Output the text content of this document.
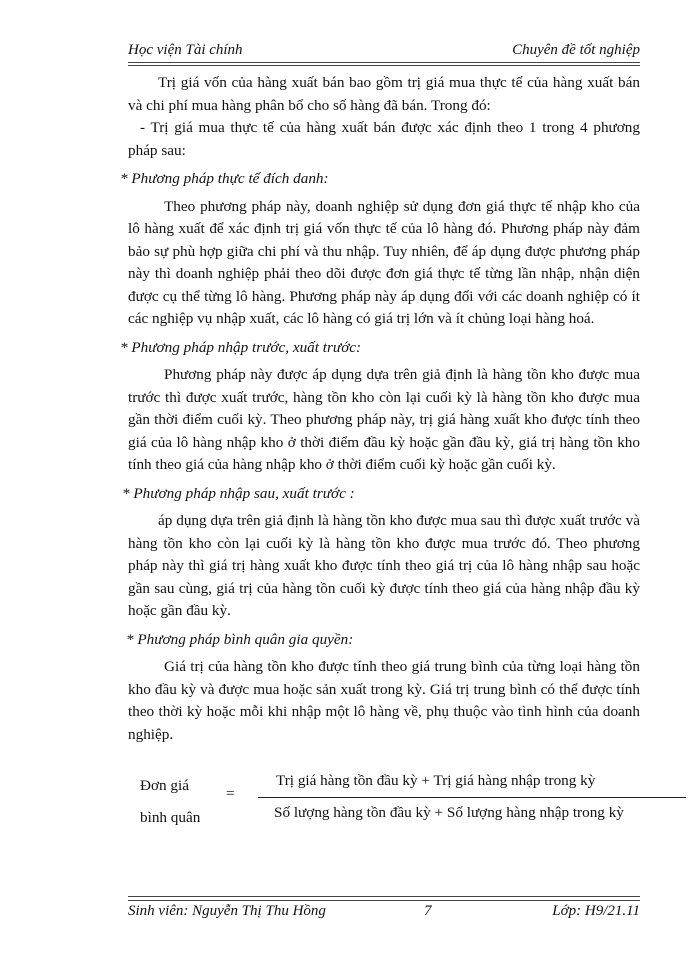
Học viện Tài chính	Chuyên đề tốt nghiệp

Trị giá vốn của hàng xuất bán bao gồm trị giá mua thực tế của hàng xuất bán và chi phí mua hàng phân bổ cho số hàng đã bán. Trong đó:

- Trị giá mua thực tế của hàng xuất bán được xác định theo 1 trong 4 phương pháp sau:

* Phương pháp thực tế đích danh:

Theo phương pháp này, doanh nghiệp sử dụng đơn giá thực tế nhập kho của lô hàng xuất để xác định trị giá vốn thực tế của lô hàng đó. Phương pháp này đảm bảo sự phù hợp giữa chi phí và thu nhập. Tuy nhiên, để áp dụng được phương pháp này thì doanh nghiệp phải theo dõi được đơn giá thực tế từng lần nhập, nhận diện được cụ thể từng lô hàng. Phương pháp này áp dụng đối với các doanh nghiệp có ít các nghiệp vụ nhập xuất, các lô hàng có giá trị lớn và ít chủng loại hàng hoá.

* Phương pháp nhập trước, xuất trước:

Phương pháp này được áp dụng dựa trên giả định là hàng tồn kho được mua trước thì được xuất trước, hàng tồn kho còn lại cuối kỳ là hàng tồn kho được mua gần thời điểm cuối kỳ. Theo phương pháp này, trị giá hàng xuất kho được tính theo giá của lô hàng nhập kho ở thời điểm đầu kỳ hoặc gần đầu kỳ, giá trị hàng tồn kho tính theo giá của hàng nhập kho ở thời điểm cuối kỳ hoặc gần cuối kỳ.

* Phương pháp nhập sau, xuất trước :

áp dụng dựa trên giả định là hàng tồn kho được mua sau thì được xuất trước và hàng tồn kho còn lại cuối kỳ là hàng tồn kho được mua trước đó. Theo phương pháp này thì giá trị hàng xuất kho được tính theo giá trị của lô hàng nhập sau hoặc gần sau cùng, giá trị của hàng tồn cuối kỳ được tính theo giá của hàng nhập đầu kỳ hoặc gần đầu kỳ.

* Phương pháp bình quân gia quyền:

Giá trị của hàng tồn kho được tính theo giá trung bình của từng loại hàng tồn kho đầu kỳ và được mua hoặc sản xuất trong kỳ. Giá trị trung bình có thể được tính theo thời kỳ hoặc mỗi khi nhập một lô hàng về, phụ thuộc vào tình hình của doanh nghiệp.

Đơn giá
bình quân
=
Trị giá hàng tồn đầu kỳ + Trị giá hàng nhập trong kỳ
Số lượng hàng tồn đầu kỳ + Số lượng hàng nhập trong kỳ
Sinh viên: Nguyễn Thị Thu Hồng	7	Lớp: H9/21.11
